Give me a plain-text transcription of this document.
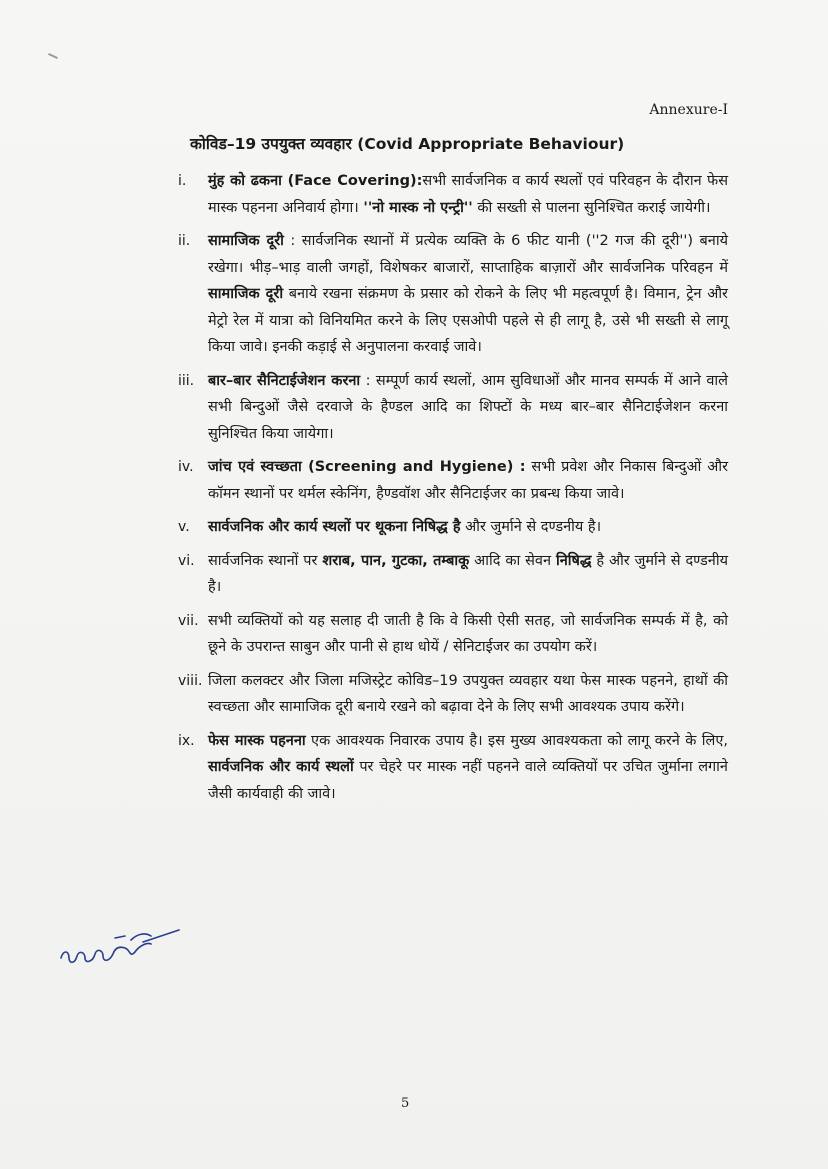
Annexure-I
कोविड–19 उपयुक्त व्यवहार (Covid Appropriate Behaviour)
i.	मुंह को ढकना (Face Covering):सभी सार्वजनिक व कार्य स्थलों एवं परिवहन के दौरान फेस मास्क पहनना अनिवार्य होगा। ''नो मास्क नो एन्ट्री'' की सख्ती से पालना सुनिश्चित कराई जायेगी।
ii.	सामाजिक दूरी : सार्वजनिक स्थानों में प्रत्येक व्यक्ति के 6 फीट यानी (''2 गज की दूरी'') बनाये रखेगा। भीड़–भाड़ वाली जगहों, विशेषकर बाजारों, साप्ताहिक बाज़ारों और सार्वजनिक परिवहन में सामाजिक दूरी बनाये रखना संक्रमण के प्रसार को रोकने के लिए भी महत्वपूर्ण है। विमान, ट्रेन और मेट्रो रेल में यात्रा को विनियमित करने के लिए एसओपी पहले से ही लागू है, उसे भी सख्ती से लागू किया जावे। इनकी कड़ाई से अनुपालना करवाई जावे।
iii. बार–बार सैनिटाईजेशन करना : सम्पूर्ण कार्य स्थलों, आम सुविधाओं और मानव सम्पर्क में आने वाले सभी बिन्दुओं जैसे दरवाजे के हैण्डल आदि का शिफ्टों के मध्य बार–बार सैनिटाईजेशन करना सुनिश्चित किया जायेगा।
iv. जांच एवं स्वच्छता (Screening and Hygiene) : सभी प्रवेश और निकास बिन्दुओं और कॉमन स्थानों पर थर्मल स्केनिंग, हैण्डवॉश और सैनिटाईजर का प्रबन्ध किया जावे।
v.	सार्वजनिक और कार्य स्थलों पर थूकना निषिद्ध है और जुर्माने से दण्डनीय है।
vi. सार्वजनिक स्थानों पर शराब, पान, गुटका, तम्बाकू आदि का सेवन निषिद्ध है और जुर्माने से दण्डनीय है।
vii. सभी व्यक्तियों को यह सलाह दी जाती है कि वे किसी ऐसी सतह, जो सार्वजनिक सम्पर्क में है, को छूने के उपरान्त साबुन और पानी से हाथ धोयें / सेनिटाईजर का उपयोग करें।
viii. जिला कलक्टर और जिला मजिस्ट्रेट कोविड–19 उपयुक्त व्यवहार यथा फेस मास्क पहनने, हाथों की स्वच्छता और सामाजिक दूरी बनाये रखने को बढ़ावा देने के लिए सभी आवश्यक उपाय करेंगे।
ix. फेस मास्क पहनना एक आवश्यक निवारक उपाय है। इस मुख्य आवश्यकता को लागू करने के लिए, सार्वजनिक और कार्य स्थलों पर चेहरे पर मास्क नहीं पहनने वाले व्यक्तियों पर उचित जुर्माना लगाने जैसी कार्यवाही की जावे।
5
